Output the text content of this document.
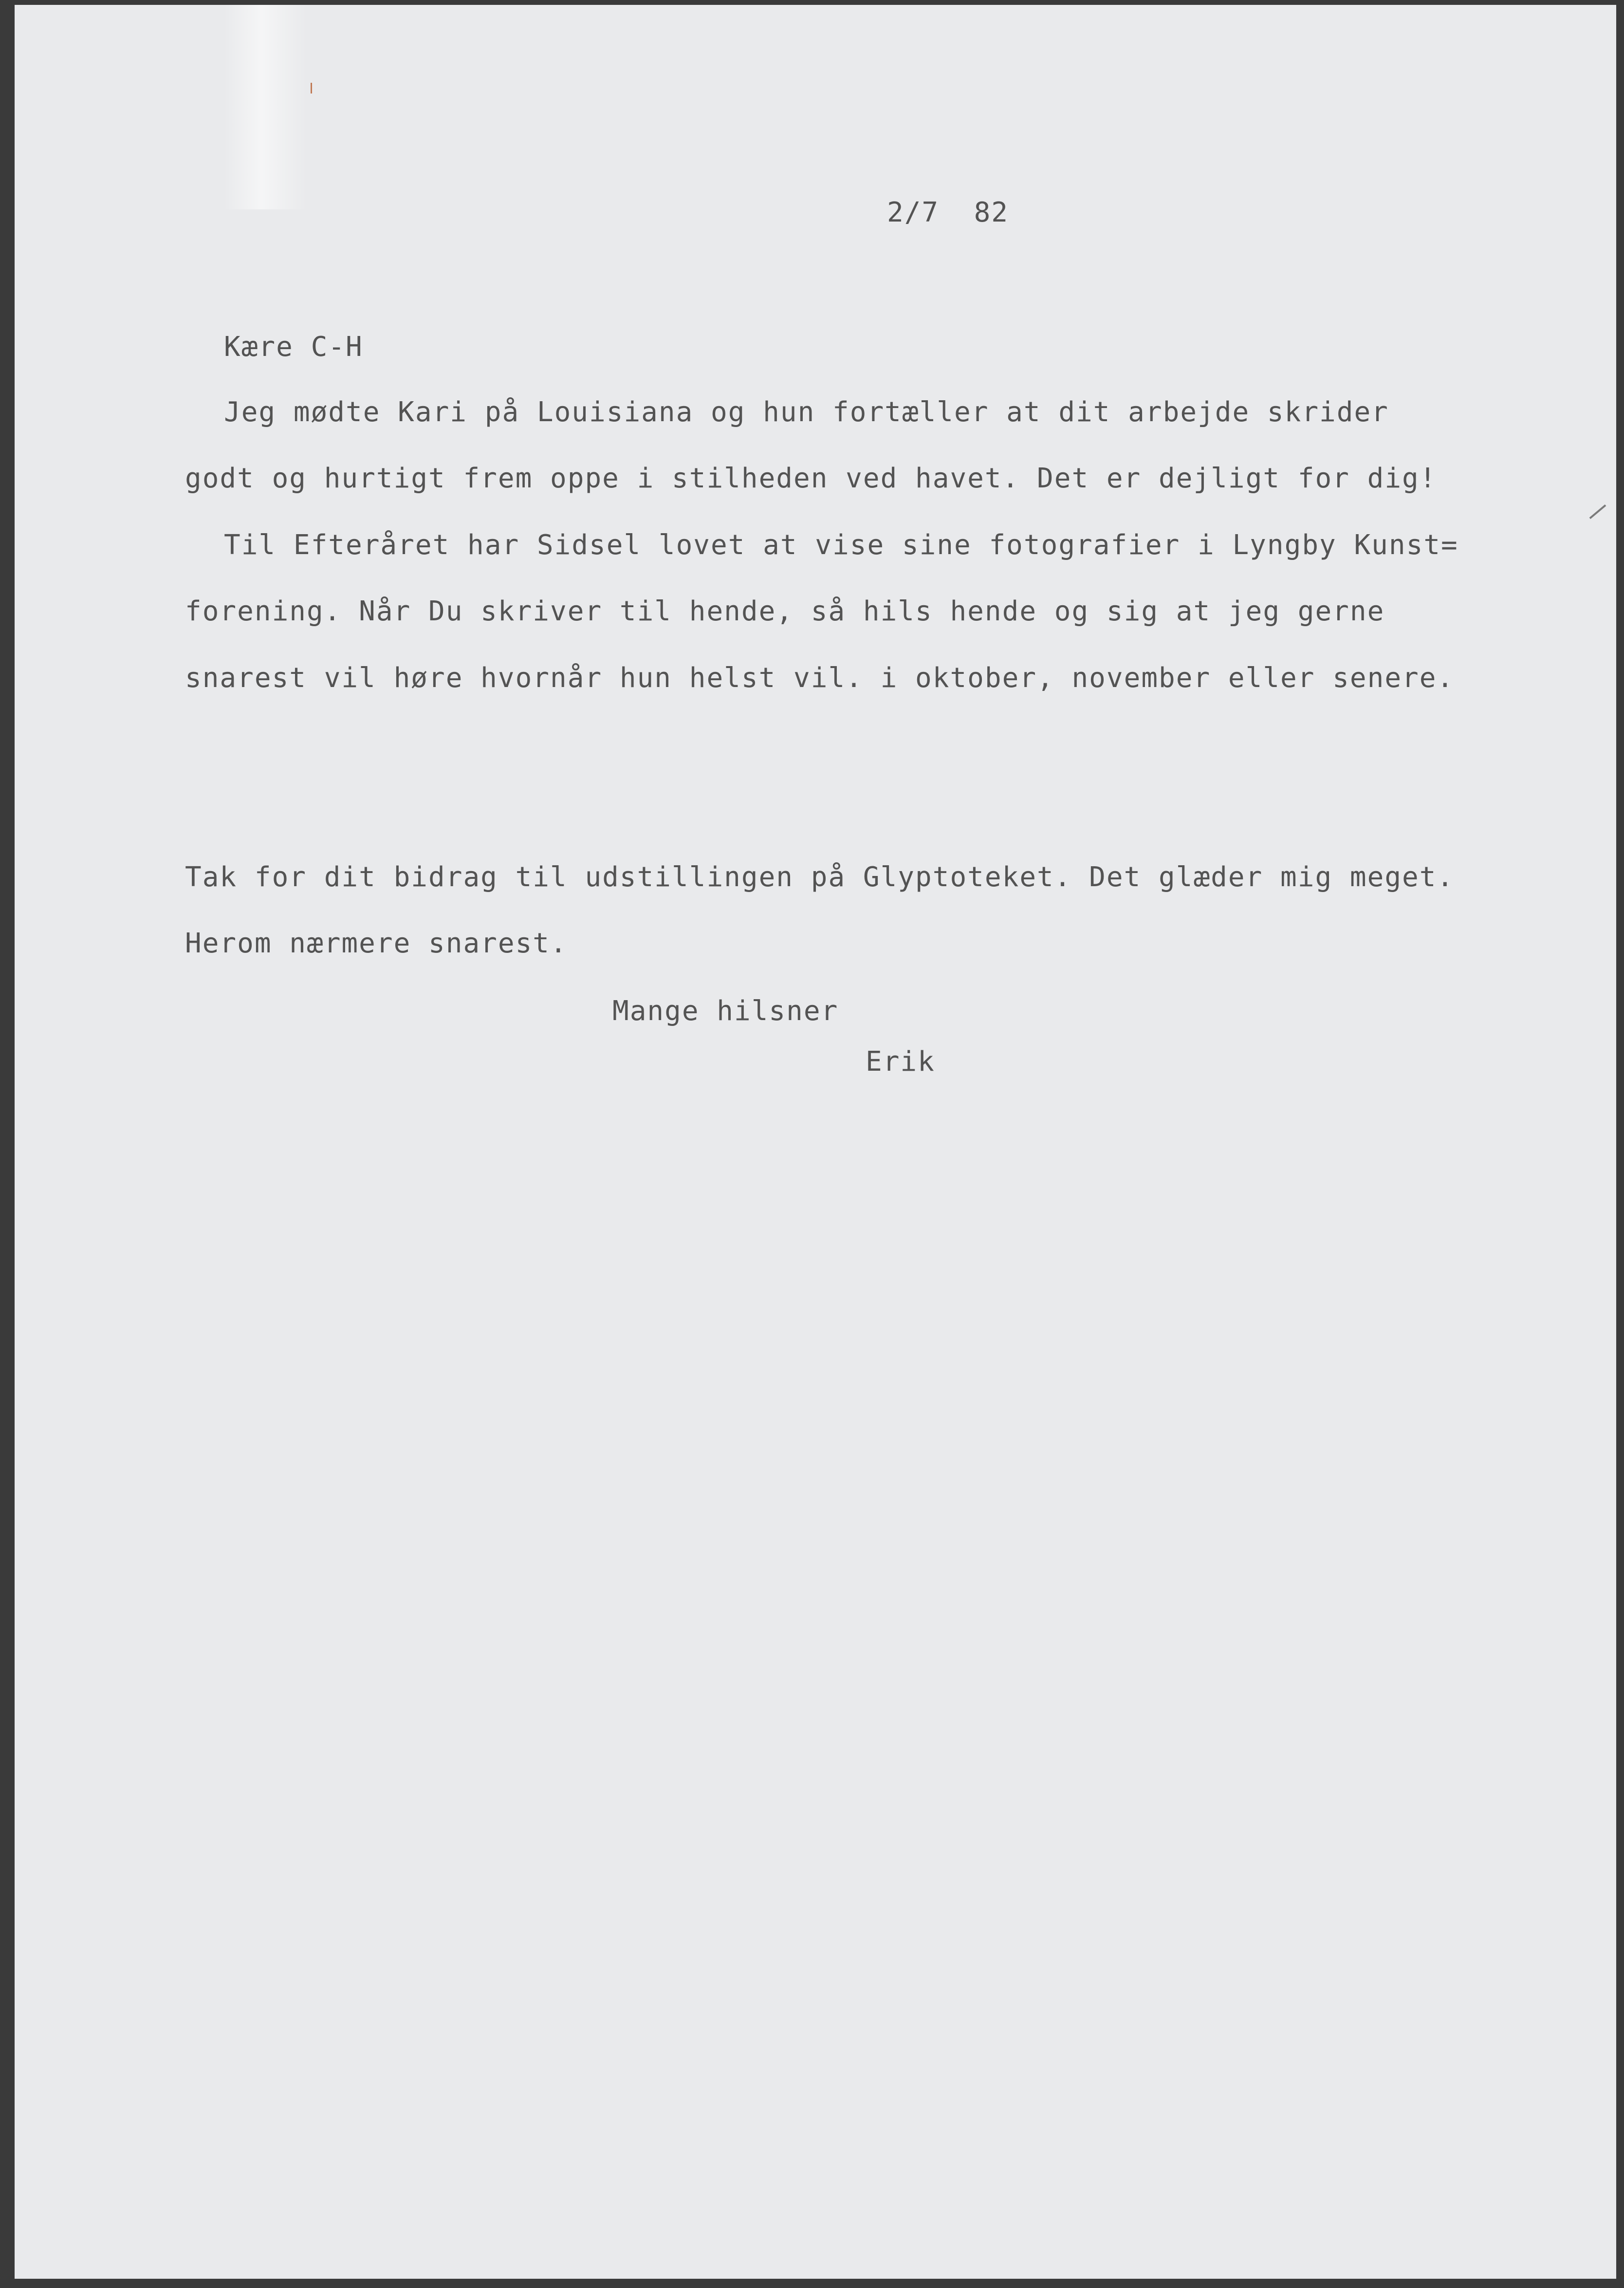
2/7  82

Kære C-H

Jeg mødte Kari på Louisiana og hun fortæller at dit arbejde skrider

godt og hurtigt frem oppe i stilheden ved havet. Det er dejligt for dig!

Til Efteråret har Sidsel lovet at vise sine fotografier i Lyngby Kunst=

forening. Når Du skriver til hende, så hils hende og sig at jeg gerne

snarest vil høre hvornår hun helst vil. i oktober, november eller senere.

Tak for dit bidrag til udstillingen på Glyptoteket. Det glæder mig meget.

Herom nærmere snarest.

Mange hilsner

Erik
